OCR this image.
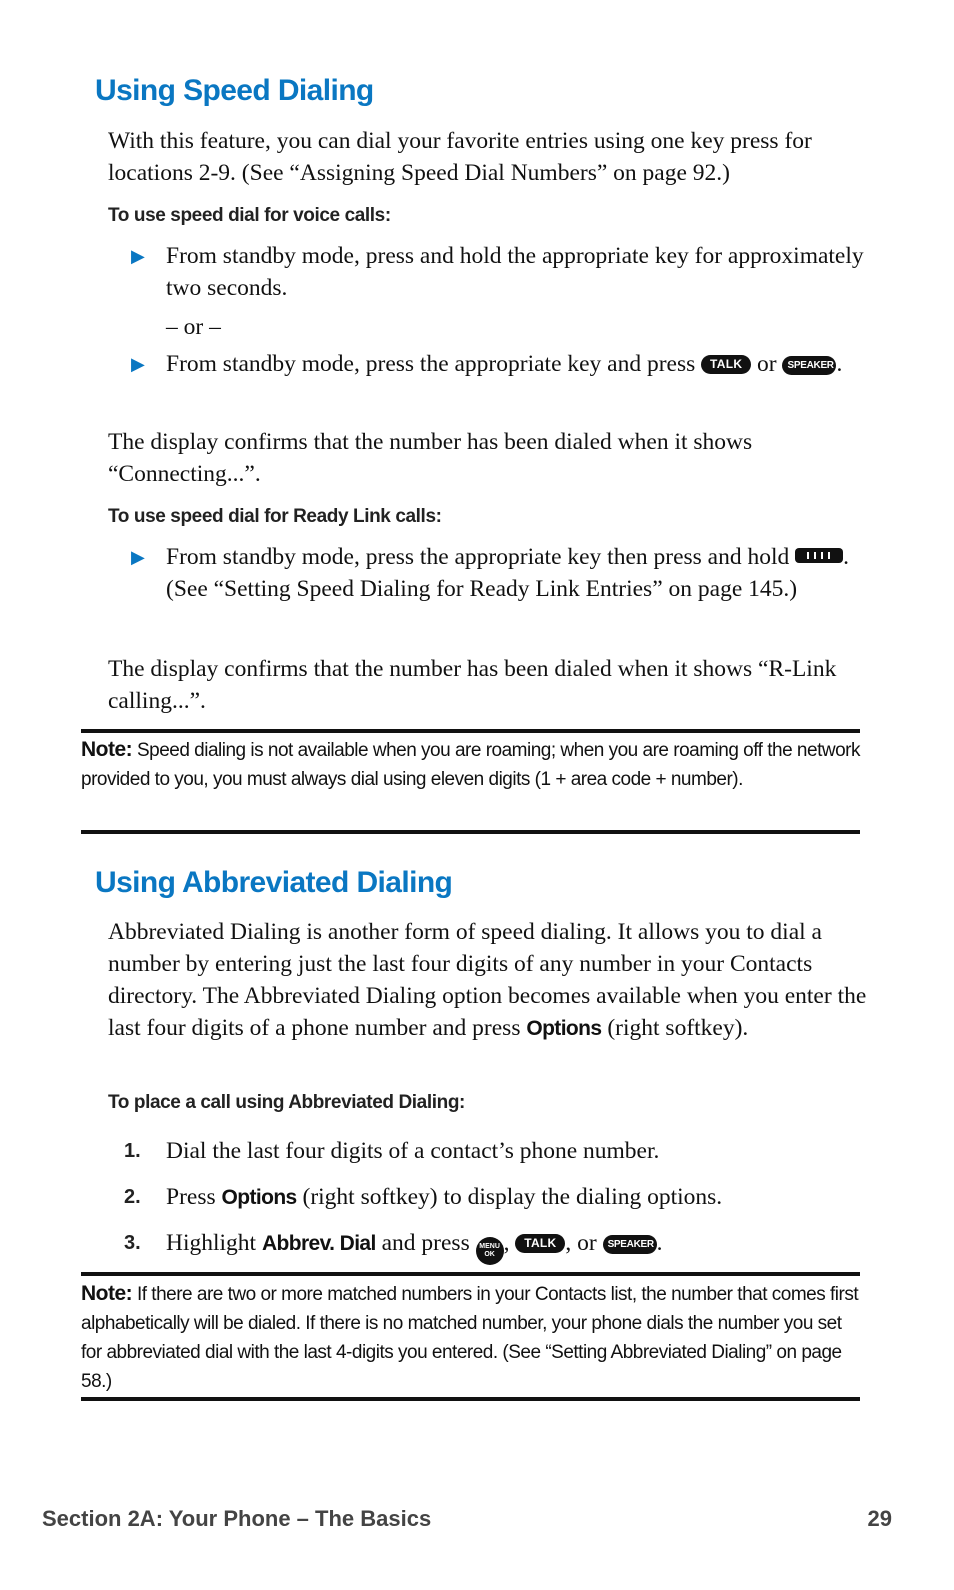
Using Speed Dialing

With this feature, you can dial your favorite entries using one key press for locations 2-9. (See “Assigning Speed Dial Numbers” on page 92.)

To use speed dial for voice calls:

▶ From standby mode, press and hold the appropriate key for approximately two seconds.

– or –

▶ From standby mode, press the appropriate key and press TALK or SPEAKER .

The display confirms that the number has been dialed when it shows “Connecting...”.

To use speed dial for Ready Link calls:

▶ From standby mode, press the appropriate key then press and hold . (See “Setting Speed Dialing for Ready Link Entries” on page 145.)

The display confirms that the number has been dialed when it shows “R-Link calling...”.

Note: Speed dialing is not available when you are roaming; when you are roaming off the network provided to you, you must always dial using eleven digits (1 + area code + number).

Using Abbreviated Dialing

Abbreviated Dialing is another form of speed dialing. It allows you to dial a number by entering just the last four digits of any number in your Contacts directory. The Abbreviated Dialing option becomes available when you enter the last four digits of a phone number and press Options (right softkey).

To place a call using Abbreviated Dialing:

1. Dial the last four digits of a contact’s phone number.
2. Press Options (right softkey) to display the dialing options.
3. Highlight Abbrev. Dial and press MENU
OK , TALK , or SPEAKER .

Note: If there are two or more matched numbers in your Contacts list, the number that comes first alphabetically will be dialed. If there is no matched number, your phone dials the number you set for abbreviated dial with the last 4-digits you entered. (See “Setting Abbreviated Dialing” on page 58.)

Section 2A: Your Phone – The Basics	29
